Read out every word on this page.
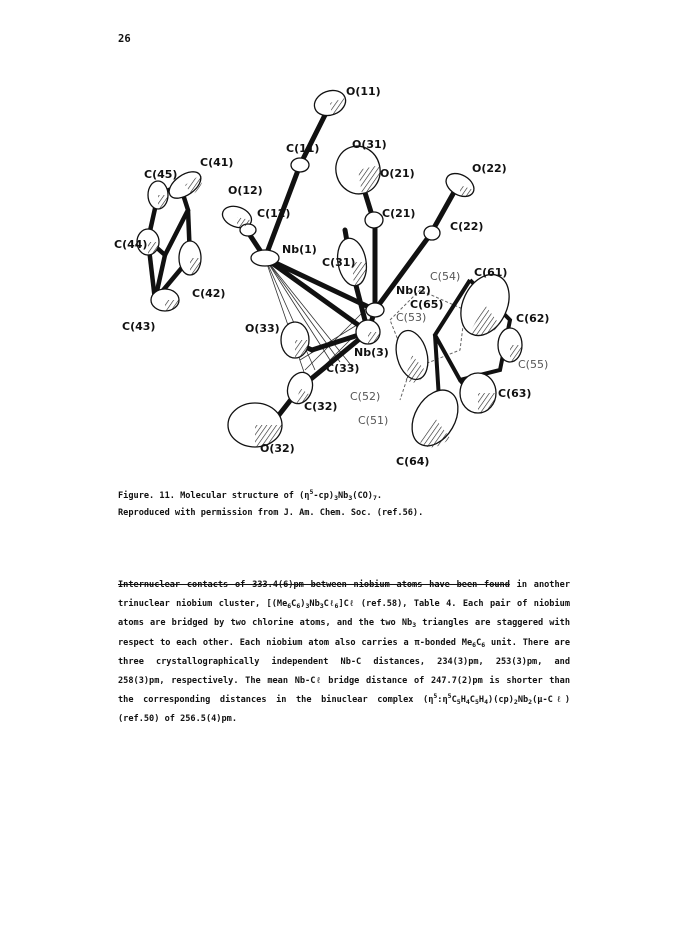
26
O(11)
C(11)	O(31)
O(21)	O(22)
C(41)
C(45)
O(12)
C(12)	C(21)
C(22)
Nb(1)
C(31)
C(44)
C(54) C(61)
C(42)	Nb(2)
C(65)
C(53)	C(62)
C(43)	O(33)
Nb(3)
C(55)
C(33)
C(52)	C(63)
C(32)
C(51)
O(32)
C(64)
Figure. 11. Molecular structure of $(\eta^5-cp)_3Nb_3(CO)_7$.
Reproduced with permission from J. Am. Chem. Soc. (ref.56).
Internuclear contacts of 333.4(6)pm between niobium atoms have been found in another trinuclear niobium cluster, $[(Me_6C_6)_3Nb_3C\ell_6]C\ell$ (ref.58), Table 4. Each pair of niobium atoms are bridged by two chlorine atoms, and the two $Nb_3$ triangles are staggered with respect to each other. Each niobium atom also carries a π-bonded $Me_6C_6$ unit. There are three crystallographically independent Nb-C distances, 234(3)pm, 253(3)pm, and 258(3)pm, respectively. The mean Nb-Cℓ bridge distance of 247.7(2)pm is shorter than the corresponding distances in the binuclear complex $(\eta^5:\eta^5C_5H_4C_5H_4)(cp)_2Nb_2(\mu-C\ell)$ (ref.50) of 256.5(4)pm.
